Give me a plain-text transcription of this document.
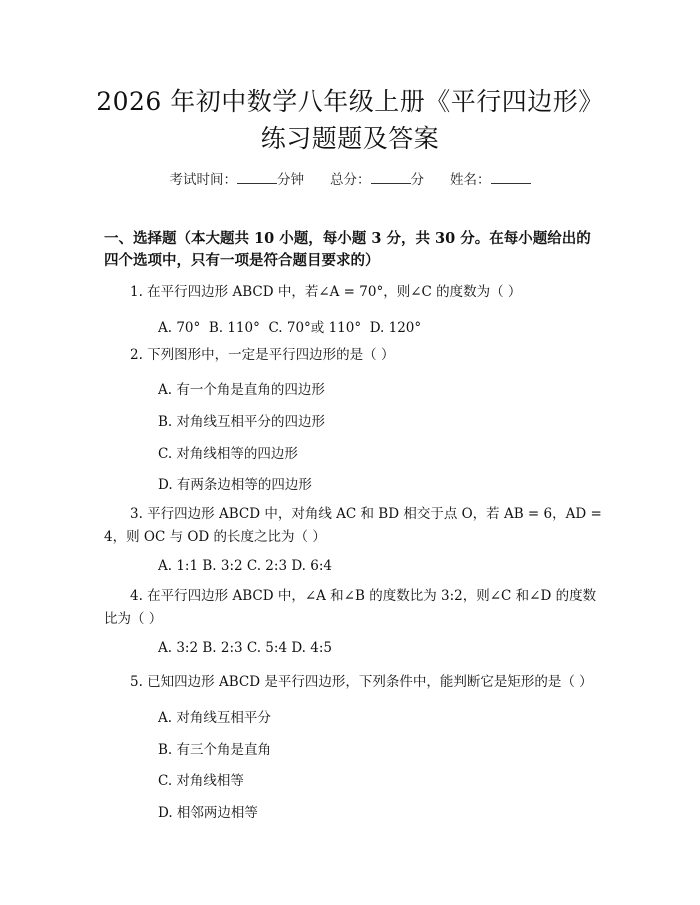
2026 年初中数学八年级上册《平行四边形》
练习题题及答案
考试时间：	分钟 总分：	分 姓名：
一、选择题（本大题共 10 小题，每小题 3 分，共 30 分。在每小题给出的四个选项中，只有一项是符合题目要求的）
1. 在平行四边形 ABCD 中，若∠A = 70°，则∠C 的度数为（ ）
A. 70°  B. 110°  C. 70°或 110°  D. 120°
2. 下列图形中，一定是平行四边形的是（ ）
A. 有一个角是直角的四边形
B. 对角线互相平分的四边形
C. 对角线相等的四边形
D. 有两条边相等的四边形
3. 平行四边形 ABCD 中，对角线 AC 和 BD 相交于点 O，若 AB = 6，AD = 4，则 OC 与 OD 的长度之比为（ ）
A. 1:1 B. 3:2 C. 2:3 D. 6:4
4. 在平行四边形 ABCD 中，∠A 和∠B 的度数比为 3:2，则∠C 和∠D 的度数比为（ ）
A. 3:2 B. 2:3 C. 5:4 D. 4:5
5. 已知四边形 ABCD 是平行四边形，下列条件中，能判断它是矩形的是（ ）
A. 对角线互相平分
B. 有三个角是直角
C. 对角线相等
D. 相邻两边相等
